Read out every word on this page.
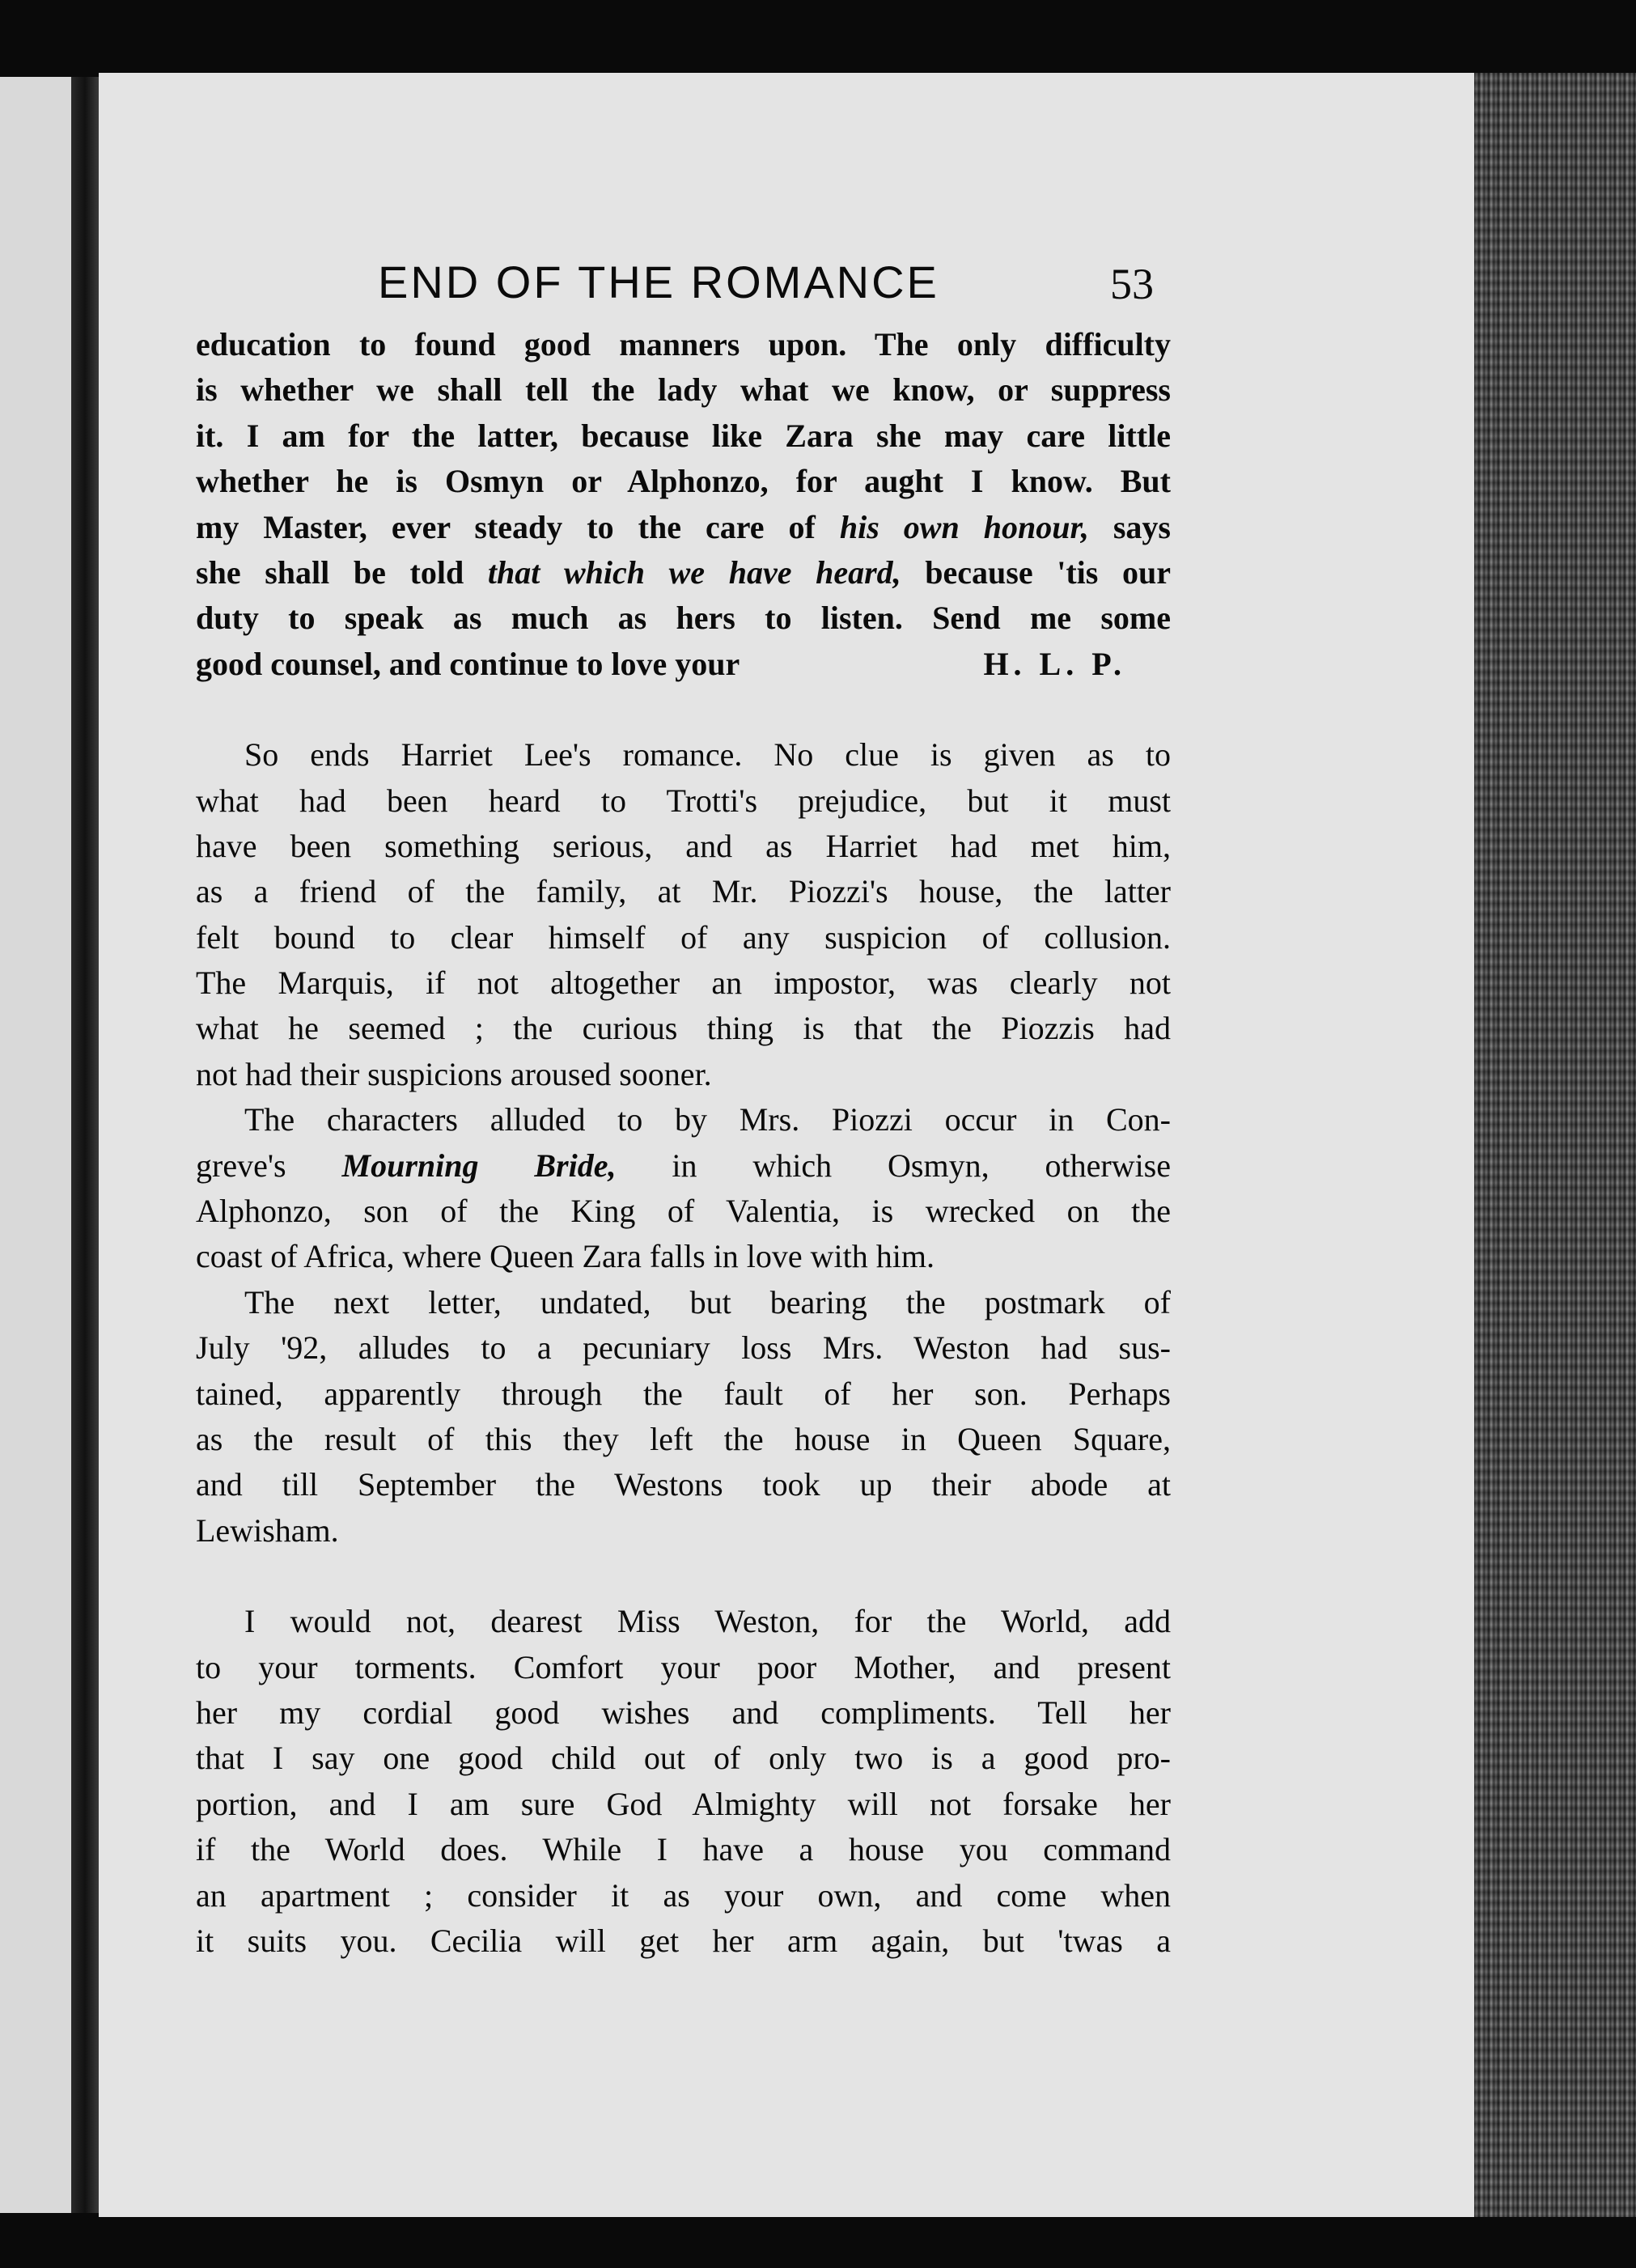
END OF THE ROMANCE	53
education to found good manners upon. The only difficulty
is whether we shall tell the lady what we know, or suppress
it. I am for the latter, because like Zara she may care little
whether he is Osmyn or Alphonzo, for aught I know. But
my Master, ever steady to the care of his own honour, says
she shall be told that which we have heard, because 'tis our
duty to speak as much as hers to listen. Send me some
good counsel, and continue to love your	H. L. P.
So ends Harriet Lee's romance. No clue is given as to
what had been heard to Trotti's prejudice, but it must
have been something serious, and as Harriet had met him,
as a friend of the family, at Mr. Piozzi's house, the latter
felt bound to clear himself of any suspicion of collusion.
The Marquis, if not altogether an impostor, was clearly not
what he seemed ; the curious thing is that the Piozzis had
not had their suspicions aroused sooner.
The characters alluded to by Mrs. Piozzi occur in Con-
greve's Mourning Bride, in which Osmyn, otherwise
Alphonzo, son of the King of Valentia, is wrecked on the
coast of Africa, where Queen Zara falls in love with him.
The next letter, undated, but bearing the postmark of
July '92, alludes to a pecuniary loss Mrs. Weston had sus-
tained, apparently through the fault of her son. Perhaps
as the result of this they left the house in Queen Square,
and till September the Westons took up their abode at
Lewisham.
I would not, dearest Miss Weston, for the World, add
to your torments. Comfort your poor Mother, and present
her my cordial good wishes and compliments. Tell her
that I say one good child out of only two is a good pro-
portion, and I am sure God Almighty will not forsake her
if the World does. While I have a house you command
an apartment ; consider it as your own, and come when
it suits you. Cecilia will get her arm again, but 'twas a
